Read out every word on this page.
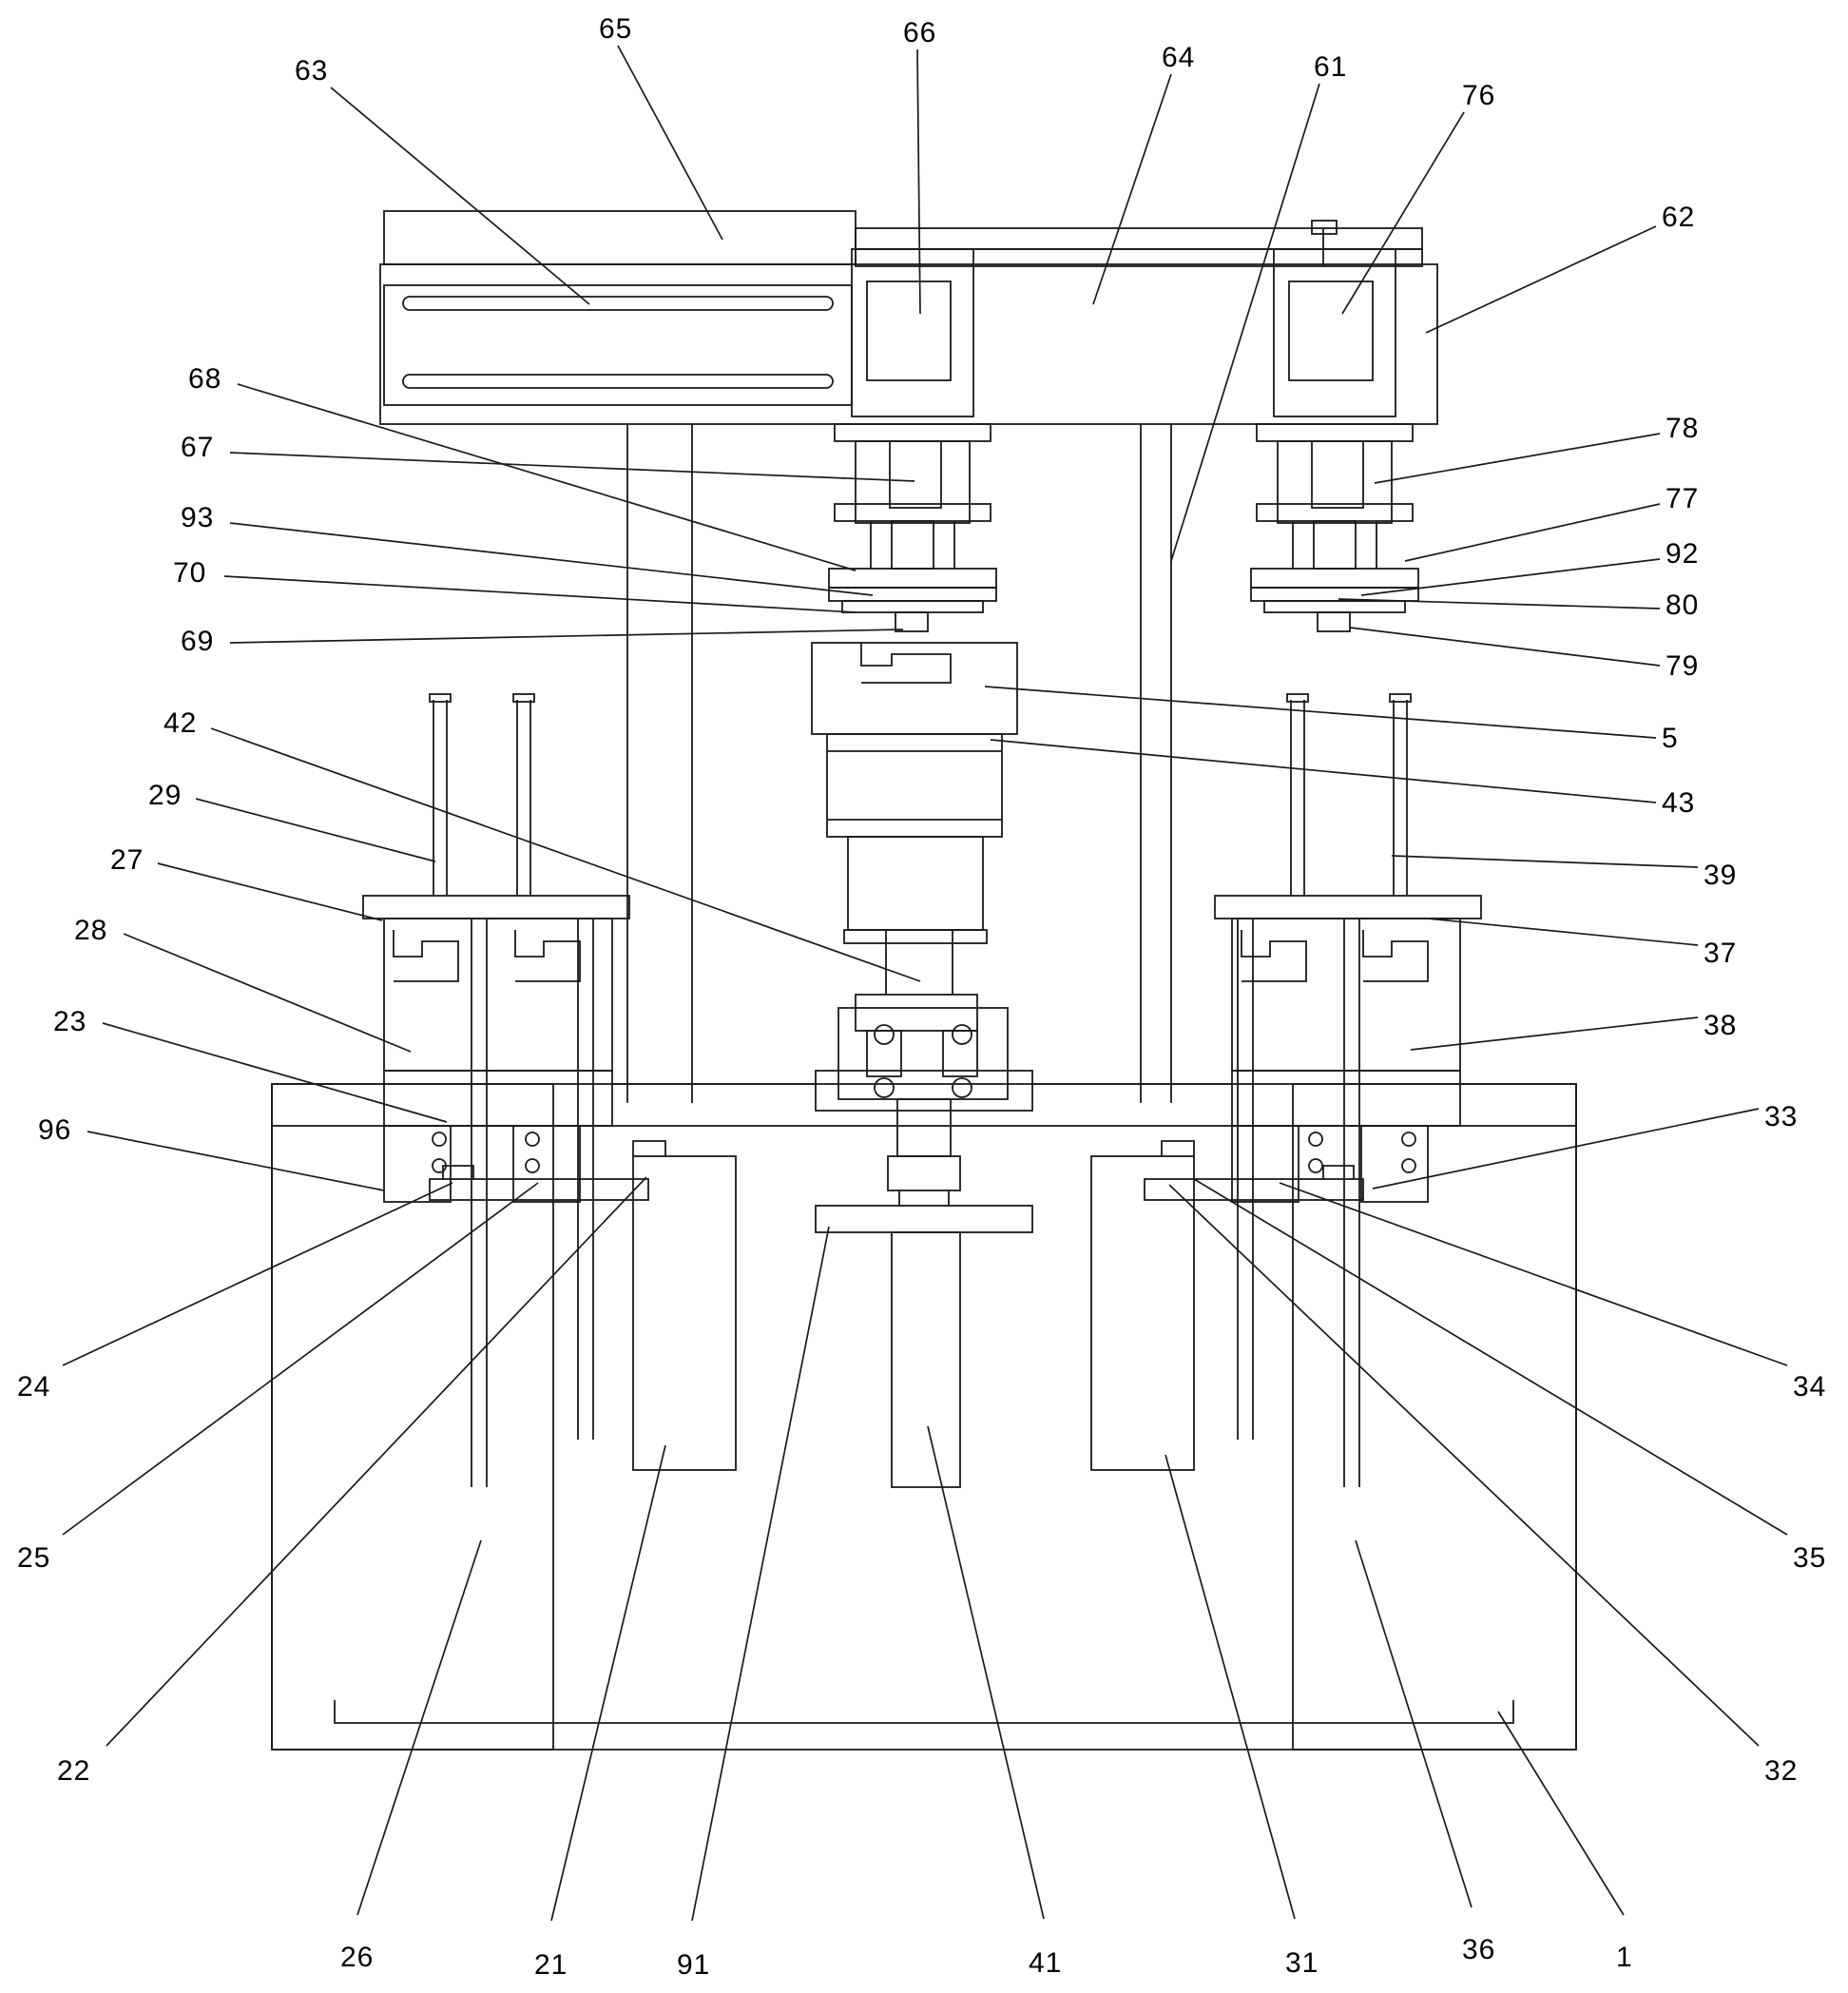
63
65	66
64	61
76
62
68
67
93
70
69
78
77
92
80
79
5
43
42
29
27
28
23
96
24
25
22
26	21	91	41	31	36	1
39
37
38
33
34
35
32
